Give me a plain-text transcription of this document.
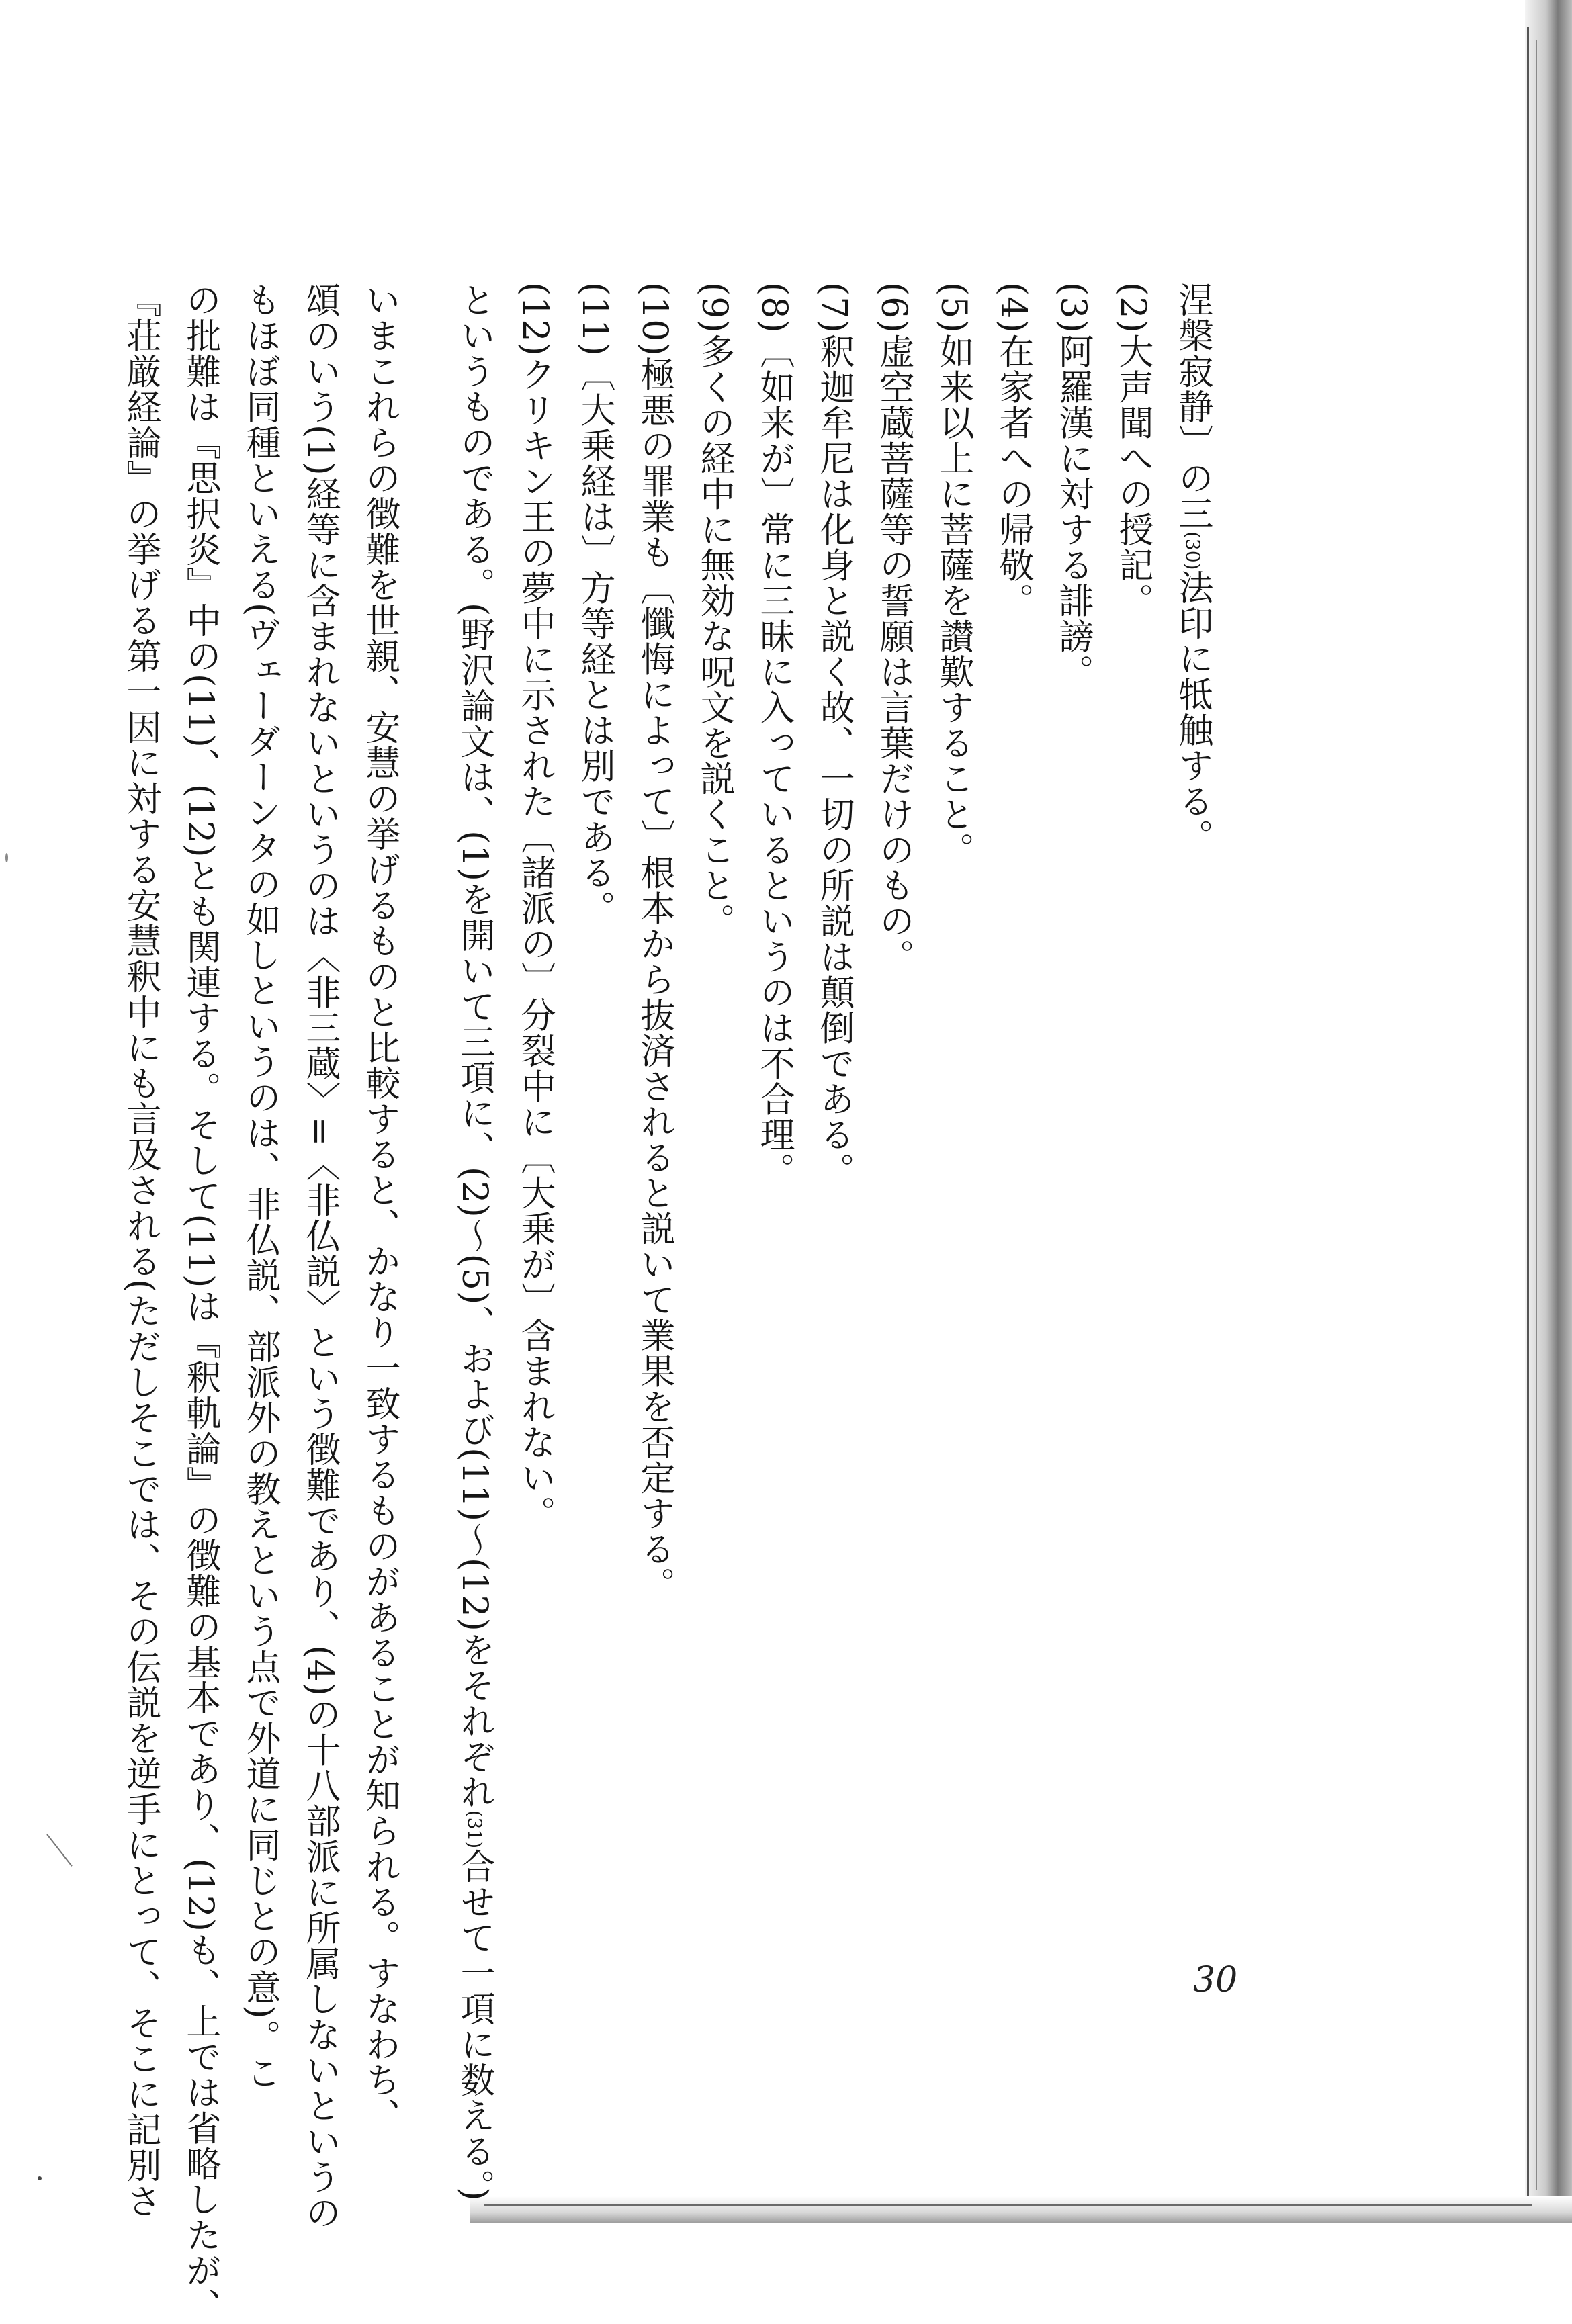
涅槃寂静〕の三(30)法印に牴触する。
(2)大声聞への授記。
(3)阿羅漢に対する誹謗。
(4)在家者への帰敬。
(5)如来以上に菩薩を讃歎すること。
(6)虚空蔵菩薩等の誓願は言葉だけのもの。
(7)釈迦牟尼は化身と説く故、一切の所説は顛倒である。
(8)〔如来が〕常に三昧に入っているというのは不合理。
(9)多くの経中に無効な呪文を説くこと。
(10)極悪の罪業も〔懺悔によって〕根本から抜済されると説いて業果を否定する。
(11)〔大乗経は〕方等経とは別である。
(12)クリキン王の夢中に示された〔諸派の〕分裂中に〔大乗が〕含まれない。
というものである。(野沢論文は、(1)を開いて三項に、(2)〜(5)、および(11)〜(12)をそれぞれ(31)合せて一項に数える。)
いまこれらの徴難を世親、安慧の挙げるものと比較すると、かなり一致するものがあることが知られる。すなわち、
頌のいう(1)経等に含まれないというのは〈非三蔵〉=〈非仏説〉という徴難であり、(4)の十八部派に所属しないというの
もほぼ同種といえる(ヴェーダーンタの如しというのは、非仏説、部派外の教えという点で外道に同じとの意)。こ
の批難は『思択炎』中の(11)、(12)とも関連する。そして(11)は『釈軌論』の徴難の基本であり、(12)も、上では省略したが、
『荘厳経論』の挙げる第一因に対する安慧釈中にも言及される(ただしそこでは、その伝説を逆手にとって、そこに記別さ	30
